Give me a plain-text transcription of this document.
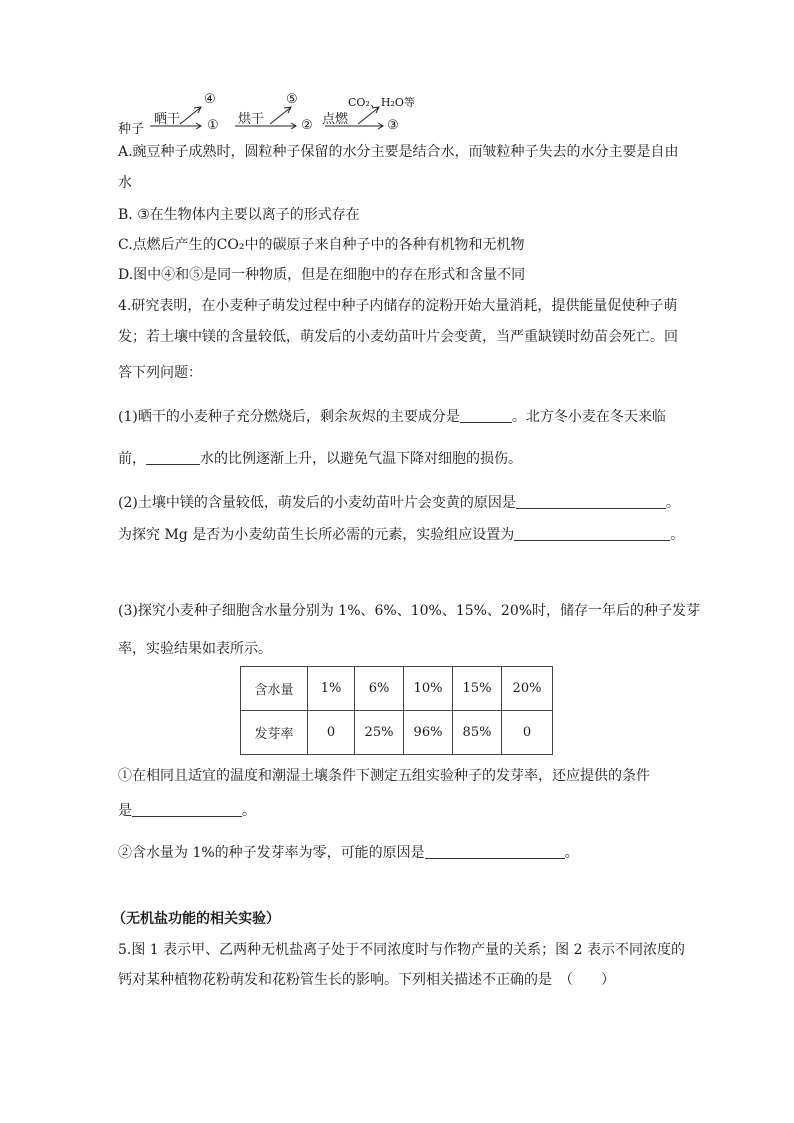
种子
晒干
④
① 烘干
⑤
② 点燃
CO₂、H₂O等
③
A.豌豆种子成熟时，圆粒种子保留的水分主要是结合水，而皱粒种子失去的水分主要是自由
水
B. ③在生物体内主要以离子的形式存在
C.点燃后产生的CO₂中的碳原子来自种子中的各种有机物和无机物
D.图中④和⑤是同一种物质，但是在细胞中的存在形式和含量不同
4.研究表明，在小麦种子萌发过程中种子内储存的淀粉开始大量消耗，提供能量促使种子萌
发；若土壤中镁的含量较低，萌发后的小麦幼苗叶片会变黄，当严重缺镁时幼苗会死亡。回
答下列问题：
(1)晒干的小麦种子充分燃烧后，剩余灰烬的主要成分是	。北方冬小麦在冬天来临
前，	水的比例逐渐上升，以避免气温下降对细胞的损伤。
(2)土壤中镁的含量较低，萌发后的小麦幼苗叶片会变黄的原因是	。
为探究 Mg 是否为小麦幼苗生长所必需的元素，实验组应设置为	。
(3)探究小麦种子细胞含水量分别为 1%、6%、10%、15%、20%时，储存一年后的种子发芽
率，实验结果如表所示。
含水量	1%	6%	10%	15%	20%
发芽率	0	25%	96%	85%	0
①在相同且适宜的温度和潮湿土壤条件下测定五组实验种子的发芽率，还应提供的条件
是	。
②含水量为 1%的种子发芽率为零，可能的原因是	。
（无机盐功能的相关实验）
5.图 1 表示甲、乙两种无机盐离子处于不同浓度时与作物产量的关系；图 2 表示不同浓度的
钙对某种植物花粉萌发和花粉管生长的影响。下列相关描述不正确的是　（　　）
